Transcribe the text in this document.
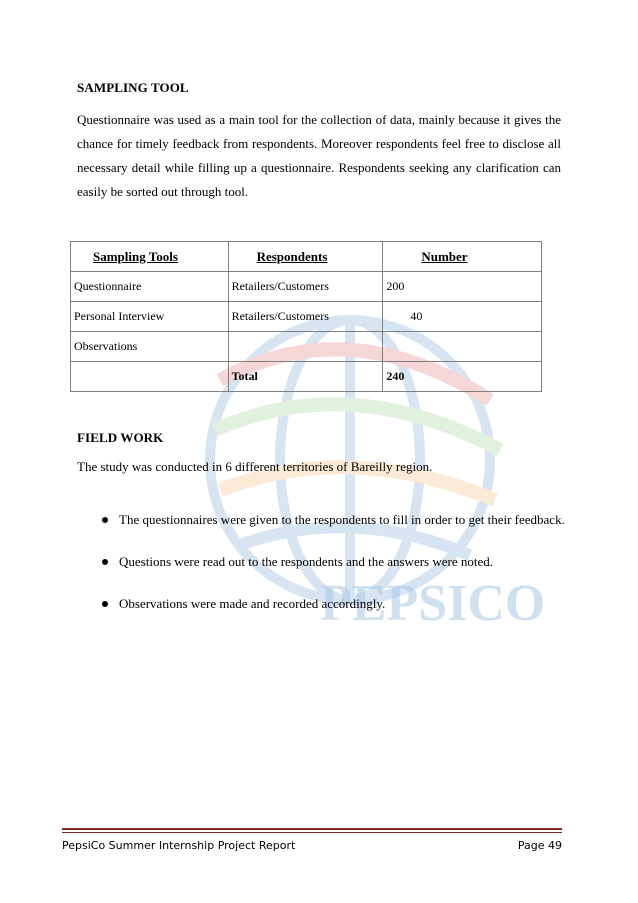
PEPSICO
SAMPLING TOOL

Questionnaire was used as a main tool for the collection of data, mainly because it gives the chance for timely feedback from respondents. Moreover respondents feel free to disclose all necessary detail while filling up a questionnaire. Respondents seeking any clarification can easily be sorted out through tool.

Sampling Tools	Respondents	Number
Questionnaire	Retailers/Customers	200
Personal Interview	Retailers/Customers	40
Observations		
	Total	240
FIELD WORK

The study was conducted in 6 different territories of Bareilly region.

The questionnaires were given to the respondents to fill in order to get their feedback.
Questions were read out to the respondents and the answers were noted.
Observations were made and recorded accordingly.
PepsiCo Summer Internship Project Report	Page 49
